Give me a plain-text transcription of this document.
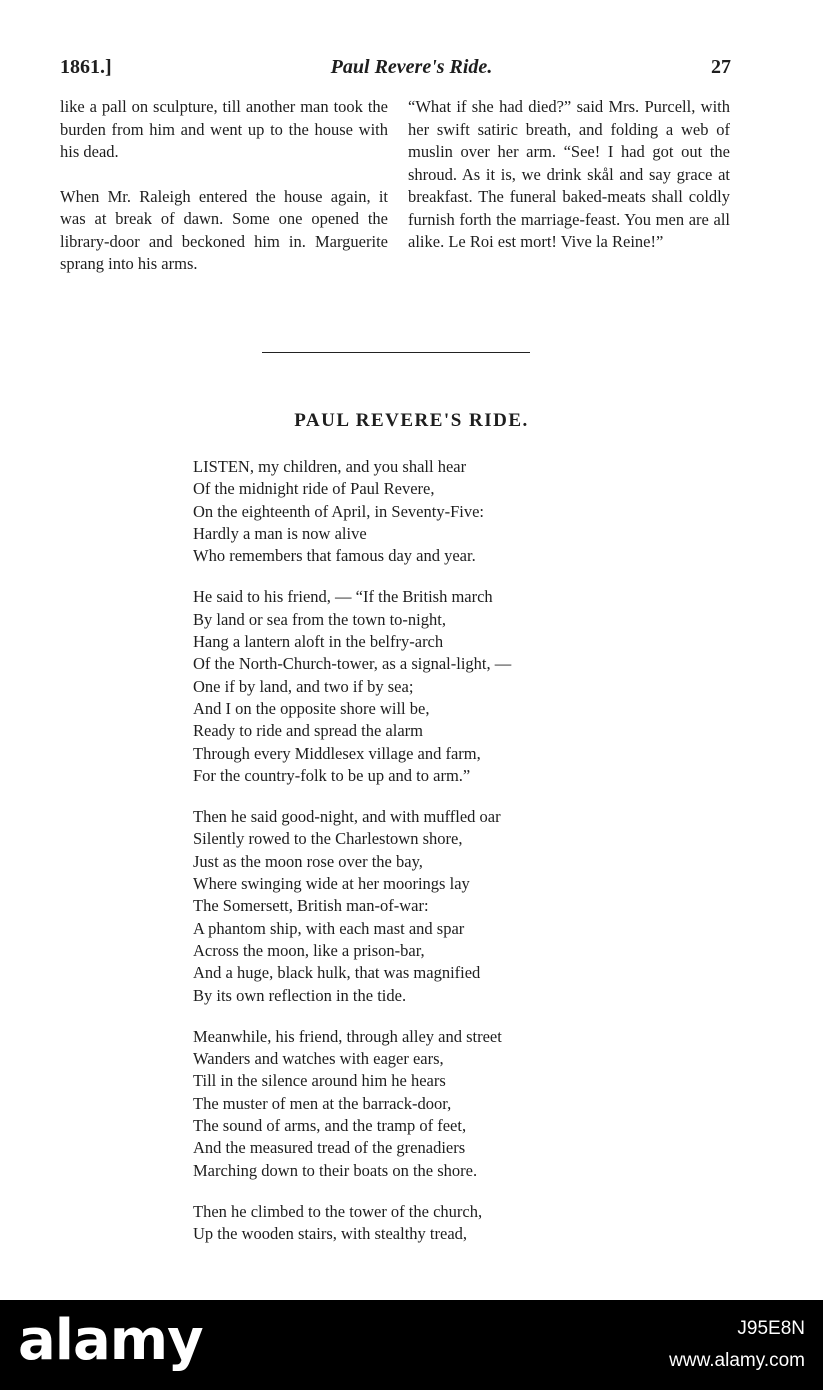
1861.]	Paul Revere's Ride.	27

like a pall on sculpture, till another man took the burden from him and went up to the house with his dead.

When Mr. Raleigh entered the house again, it was at break of dawn. Some one opened the library-door and beckoned him in. Marguerite sprang into his arms.

“What if she had died?” said Mrs. Purcell, with her swift satiric breath, and folding a web of muslin over her arm. “See! I had got out the shroud. As it is, we drink skål and say grace at breakfast. The funeral baked-meats shall coldly furnish forth the marriage-feast. You men are all alike. Le Roi est mort! Vive la Reine!”

PAUL REVERE'S RIDE.
LISTEN, my children, and you shall hear
Of the midnight ride of Paul Revere,
On the eighteenth of April, in Seventy-Five:
Hardly a man is now alive
Who remembers that famous day and year.
He said to his friend, — “If the British march
By land or sea from the town to-night,
Hang a lantern aloft in the belfry-arch
Of the North-Church-tower, as a signal-light, —
One if by land, and two if by sea;
And I on the opposite shore will be,
Ready to ride and spread the alarm
Through every Middlesex village and farm,
For the country-folk to be up and to arm.”
Then he said good-night, and with muffled oar
Silently rowed to the Charlestown shore,
Just as the moon rose over the bay,
Where swinging wide at her moorings lay
The Somersett, British man-of-war:
A phantom ship, with each mast and spar
Across the moon, like a prison-bar,
And a huge, black hulk, that was magnified
By its own reflection in the tide.
Meanwhile, his friend, through alley and street
Wanders and watches with eager ears,
Till in the silence around him he hears
The muster of men at the barrack-door,
The sound of arms, and the tramp of feet,
And the measured tread of the grenadiers
Marching down to their boats on the shore.
Then he climbed to the tower of the church,
Up the wooden stairs, with stealthy tread,
alamy	J95E8N
www.alamy.com
